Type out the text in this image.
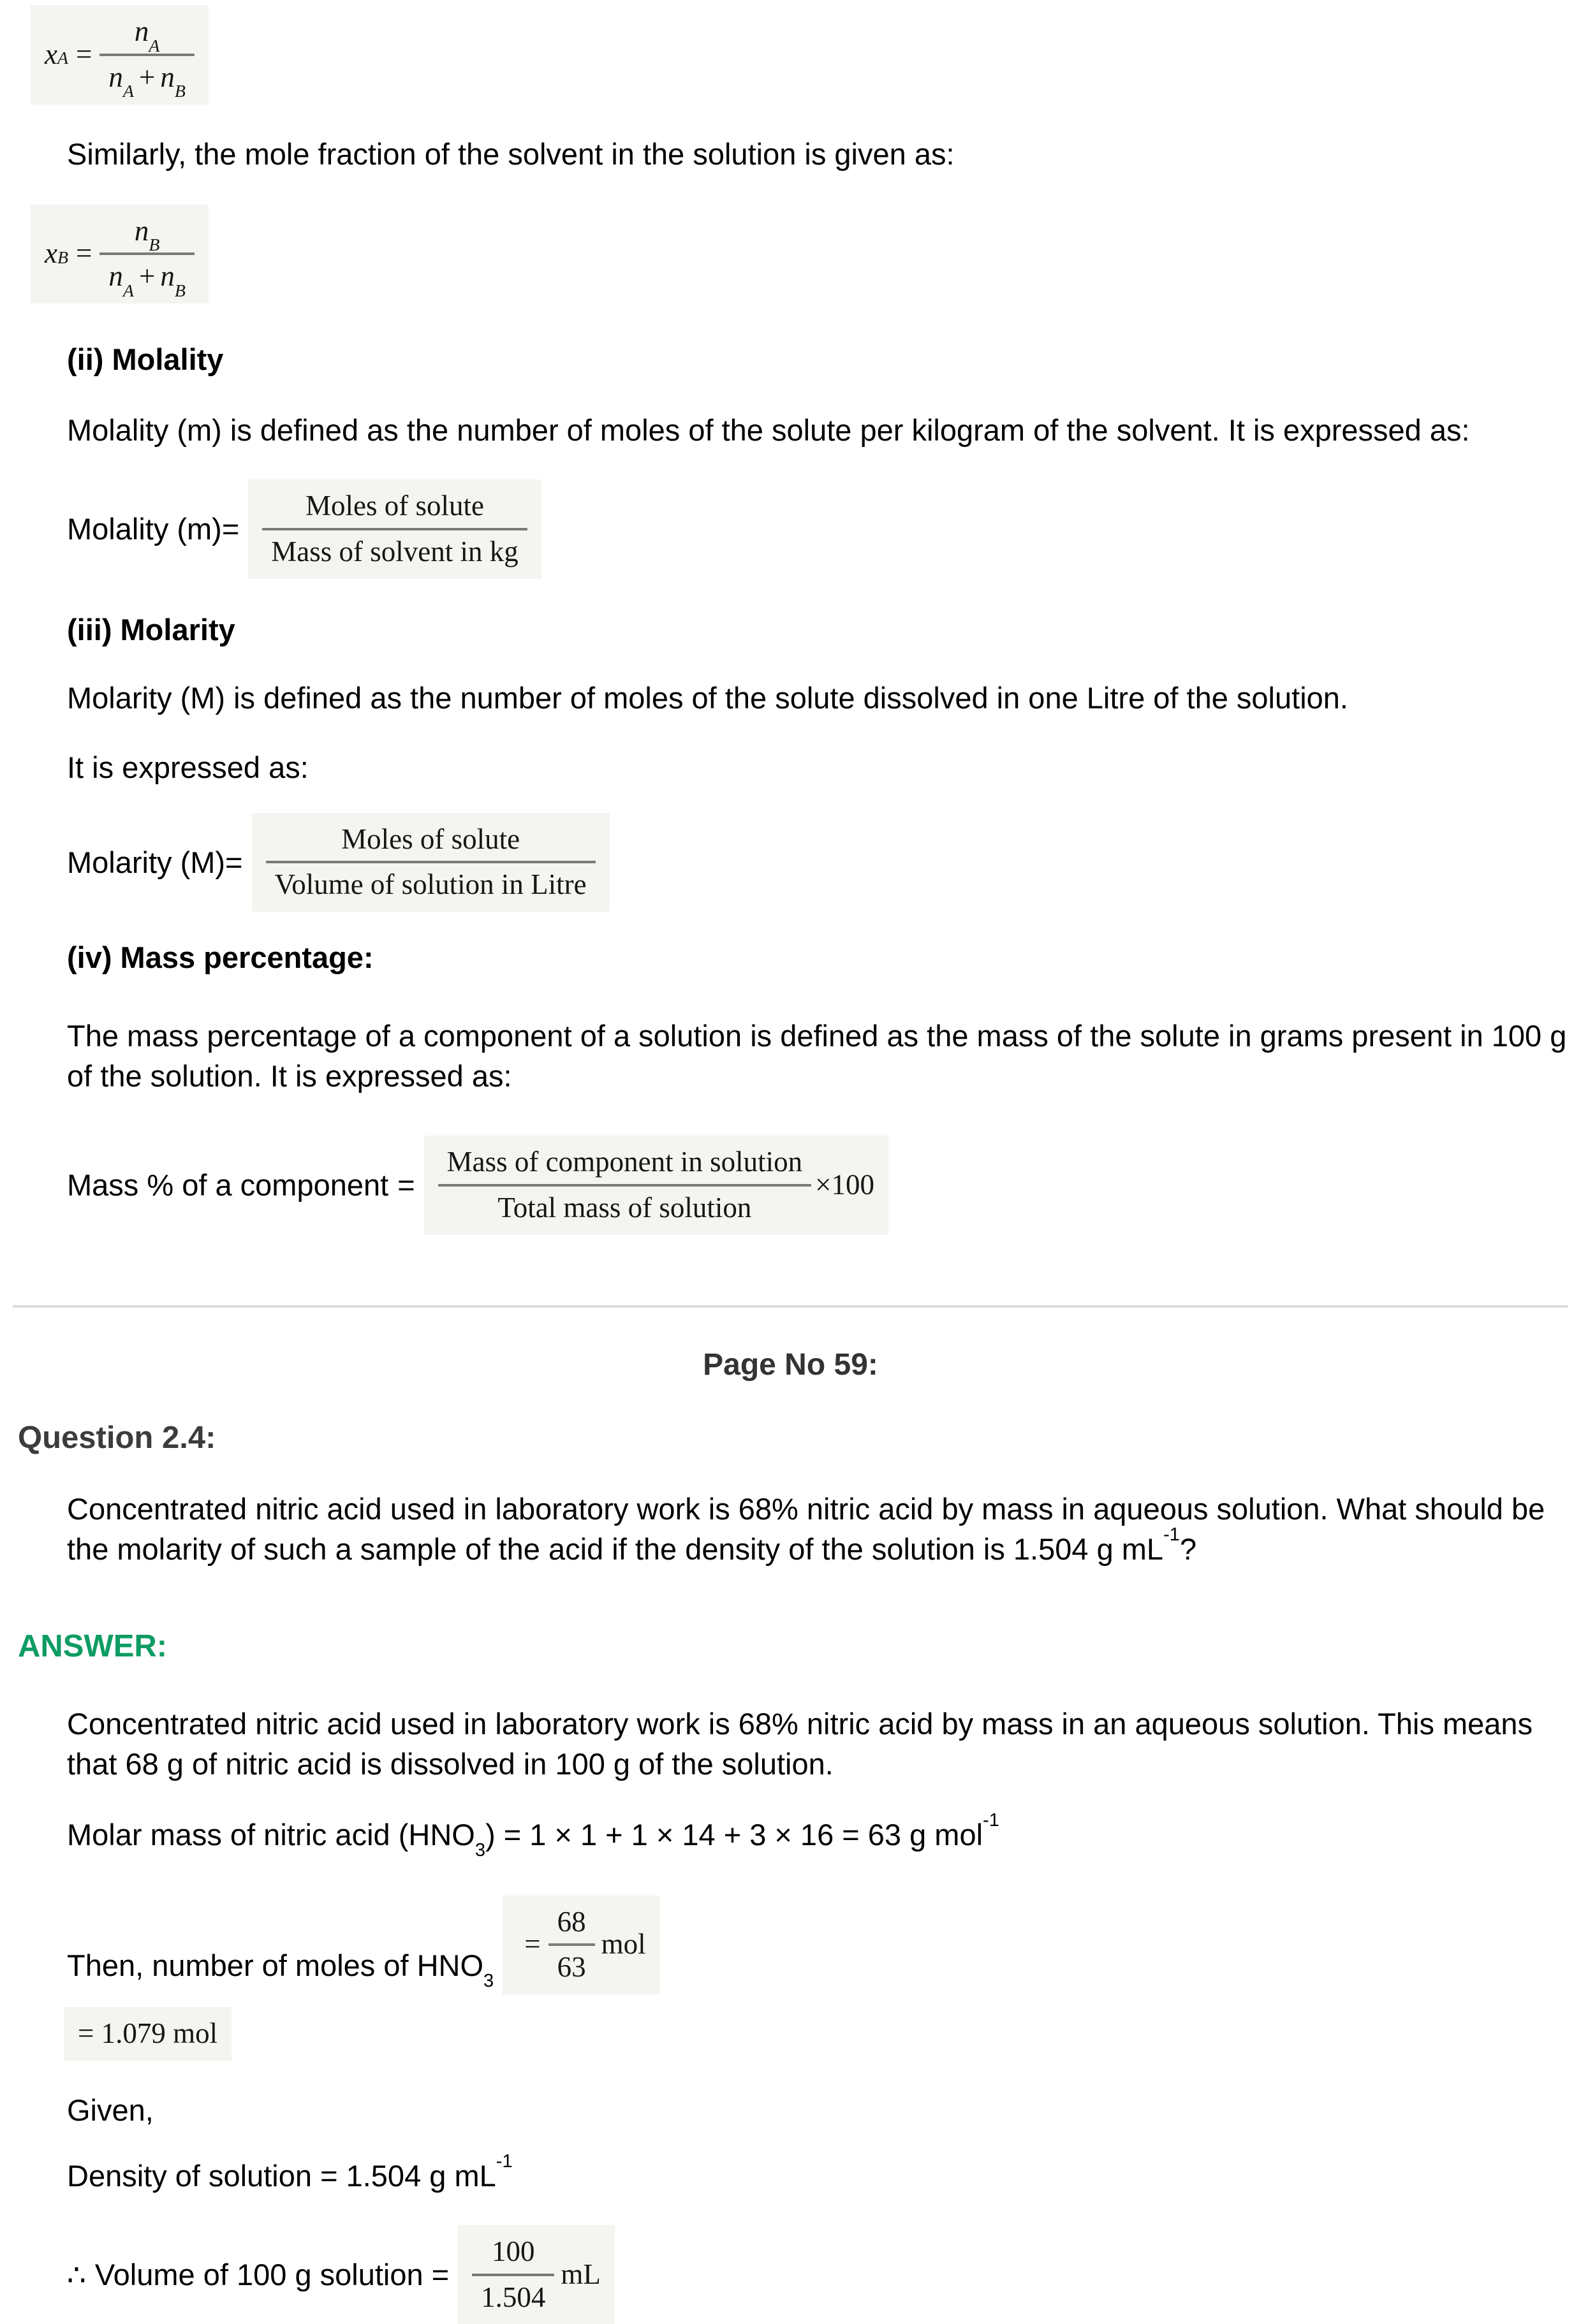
$x_A = \frac{n_A}{n_A + n_B}$

Similarly, the mole fraction of the solvent in the solution is given as:

$x_B = \frac{n_B}{n_A + n_B}$
(ii) Molality

Molality (m) is defined as the number of moles of the solute per kilogram of the solvent. It is expressed as:

Molality $(m) = \frac{\text{Moles of solute}}{\text{Mass of solvent in kg}}$
(iii) Molarity

Molarity (M) is defined as the number of moles of the solute dissolved in one Litre of the solution.

It is expressed as:

Molarity $(M) = \frac{\text{Moles of solute}}{\text{Volume of solution in Litre}}$
(iv) Mass percentage:
The mass percentage of a component of a solution is defined as the mass of the solute in grams present in 100 g
of the solution. It is expressed as:
Mass % of a component = $\frac{\text{Mass of component in solution}}{\text{Total mass of solution}} \times 100$
Page No 59:
Question 2.4:
Concentrated nitric acid used in laboratory work is 68% nitric acid by mass in aqueous solution. What should be
the molarity of such a sample of the acid if the density of the solution is 1.504 g $mL^{-1}$?
ANSWER:
Concentrated nitric acid used in laboratory work is 68% nitric acid by mass in an aqueous solution. This means
that 68 g of nitric acid is dissolved in 100 g of the solution.

Molar mass of nitric acid $(HNO_3) = 1 \times 1 + 1 \times 14 + 3 \times 16 = 63$ g mol$^{-1}$

Then, number of moles of $HNO_3$
= $\frac{68}{63}$ mol
= 1.079 mol

Given,

Density of solution = 1.504 g $mL^{-1}$

∴ Volume of 100 g solution = $\frac{100}{1.504}$ mL
